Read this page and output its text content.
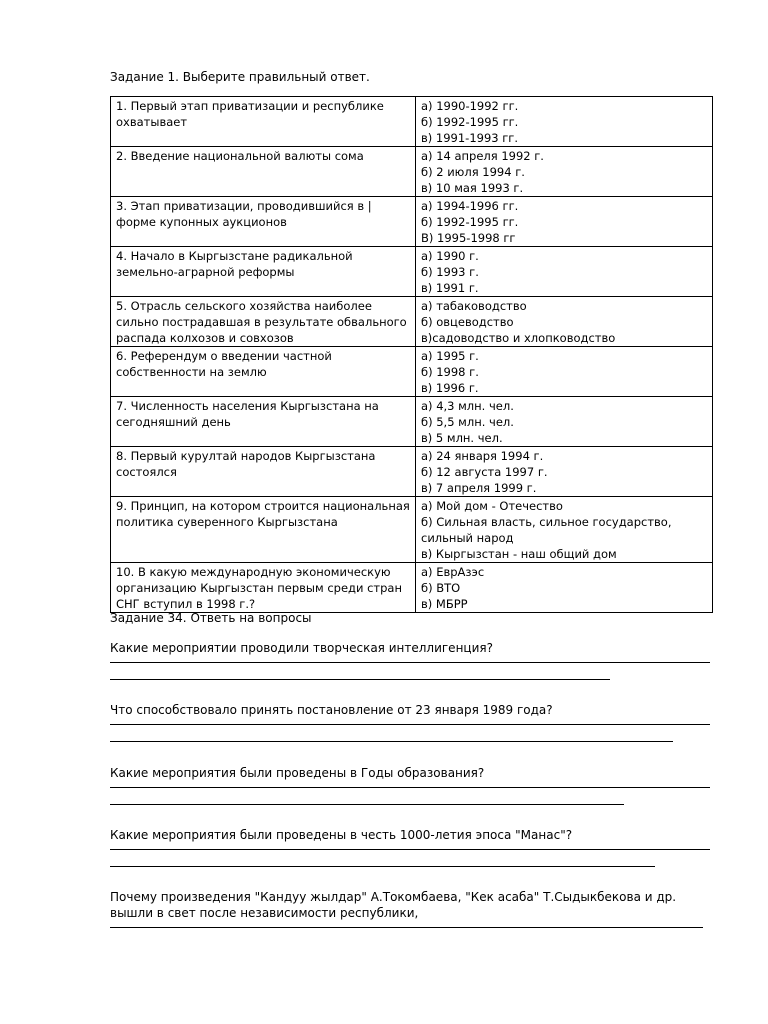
Задание 1. Выберите правильный ответ.
1. Первый этап приватизации и республике охватывает	а) 1990-1992 гг.
б) 1992-1995 гг.
в) 1991-1993 гг.

2. Введение национальной валюты сома	а) 14 апреля 1992 г.
б) 2 июля 1994 г.
в) 10 мая 1993 г.

3. Этап приватизации, проводившийся в | форме купонных аукционов	а) 1994-1996 гг.
б) 1992-1995 гг.
В) 1995-1998 гг

4. Начало в Кыргызстане радикальной земельно-аграрной реформы	а) 1990 г.
б) 1993 г.
в) 1991 г.

5. Отрасль сельского хозяйства наиболее сильно пострадавшая в результате обвального распада колхозов и совхозов	а) табаководство
б) овцеводство
в)садоводство и хлопководство

6. Референдум о введении частной собственности на землю	а) 1995 г.
б) 1998 г.
в) 1996 г.

7. Численность населения Кыргызстана на сегодняшний день	а) 4,3 млн. чел.
б) 5,5 млн. чел.
в) 5 млн. чел.

8. Первый курултай народов Кыргызстана состоялся	а) 24 января 1994 г.
б) 12 августа 1997 г.
в) 7 апреля 1999 г.

9. Принцип, на котором строится национальная политика суверенного Кыргызстана	а) Мой дом - Отечество
б) Сильная власть, сильное государство, сильный народ
в) Кыргызстан - наш общий дом

10. В какую международную экономическую организацию Кыргызстан первым среди стран СНГ вступил в 1998 г.?	а) ЕврАзэс
б) ВТО
в) МБРР
Задание 34. Ответь на вопросы
Какие мероприятии проводили творческая интеллигенция?
Что способствовало принять постановление от 23 января 1989 года?
Какие мероприятия были проведены в Годы образования?
Какие мероприятия были проведены в честь 1000-летия эпоса "Манас"?
Почему произведения "Кандуу жылдар" А.Токомбаева, "Кек асаба" Т.Сыдыкбекова и др. вышли в свет после независимости республики,
